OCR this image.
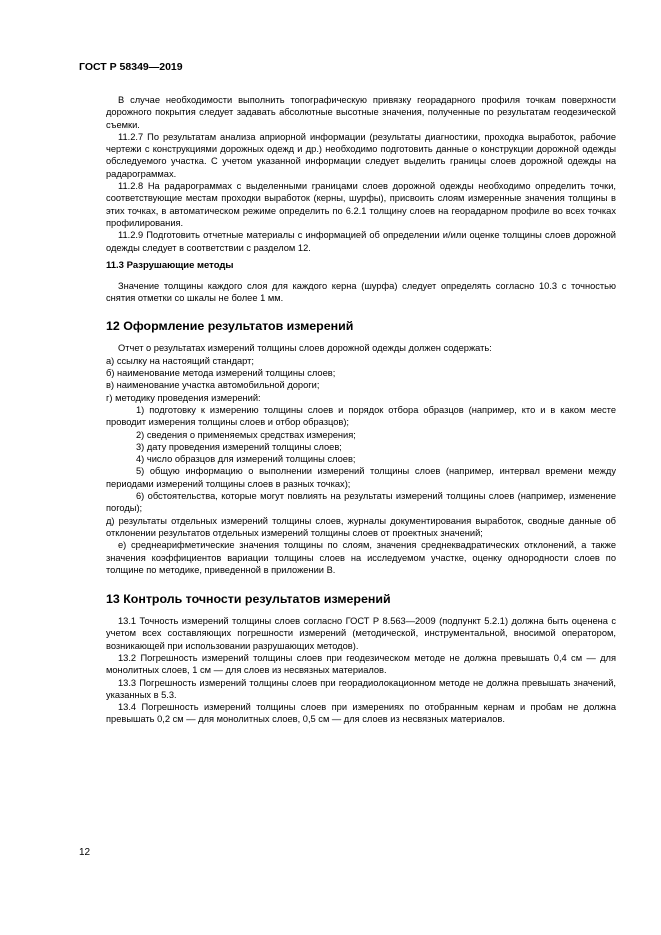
ГОСТ Р 58349—2019

В случае необходимости выполнить топографическую привязку георадарного профиля точкам поверхности дорожного покрытия следует задавать абсолютные высотные значения, полученные по результатам геодезической съемки.

11.2.7 По результатам анализа априорной информации (результаты диагностики, проходка выработок, рабочие чертежи с конструкциями дорожных одежд и др.) необходимо подготовить данные о конструкции дорожной одежды обследуемого участка. С учетом указанной информации следует выделить границы слоев дорожной одежды на радарограммах.

11.2.8 На радарограммах с выделенными границами слоев дорожной одежды необходимо определить точки, соответствующие местам проходки выработок (керны, шурфы), присвоить слоям измеренные значения толщины в этих точках, в автоматическом режиме определить по 6.2.1 толщину слоев на георадарном профиле во всех точках профилирования.

11.2.9 Подготовить отчетные материалы с информацией об определении и/или оценке толщины слоев дорожной одежды следует в соответствии с разделом 12.

11.3 Разрушающие методы

Значение толщины каждого слоя для каждого керна (шурфа) следует определять согласно 10.3 с точностью снятия отметки со шкалы не более 1 мм.

12 Оформление результатов измерений

Отчет о результатах измерений толщины слоев дорожной одежды должен содержать:

а) ссылку на настоящий стандарт;

б) наименование метода измерений толщины слоев;

в) наименование участка автомобильной дороги;

г) методику проведения измерений:

1) подготовку к измерению толщины слоев и порядок отбора образцов (например, кто и в каком месте проводит измерения толщины слоев и отбор образцов);

2) сведения о применяемых средствах измерения;

3) дату проведения измерений толщины слоев;

4) число образцов для измерений толщины слоев;

5) общую информацию о выполнении измерений толщины слоев (например, интервал времени между периодами измерений толщины слоев в разных точках);

6) обстоятельства, которые могут повлиять на результаты измерений толщины слоев (например, изменение погоды);

д) результаты отдельных измерений толщины слоев, журналы документирования выработок, сводные данные об отклонении результатов отдельных измерений толщины слоев от проектных значений;

е) среднеарифметические значения толщины по слоям, значения среднеквадратических отклонений, а также значения коэффициентов вариации толщины слоев на исследуемом участке, оценку однородности слоев по толщине по методике, приведенной в приложении В.

13 Контроль точности результатов измерений

13.1 Точность измерений толщины слоев согласно ГОСТ Р 8.563—2009 (подпункт 5.2.1) должна быть оценена с учетом всех составляющих погрешности измерений (методической, инструментальной, вносимой оператором, возникающей при использовании разрушающих методов).

13.2 Погрешность измерений толщины слоев при геодезическом методе не должна превышать 0,4 см — для монолитных слоев, 1 см — для слоев из несвязных материалов.

13.3 Погрешность измерений толщины слоев при георадиолокационном методе не должна превышать значений, указанных в 5.3.

13.4 Погрешность измерений толщины слоев при измерениях по отобранным кернам и пробам не должна превышать 0,2 см — для монолитных слоев, 0,5 см — для слоев из несвязных материалов.

12
